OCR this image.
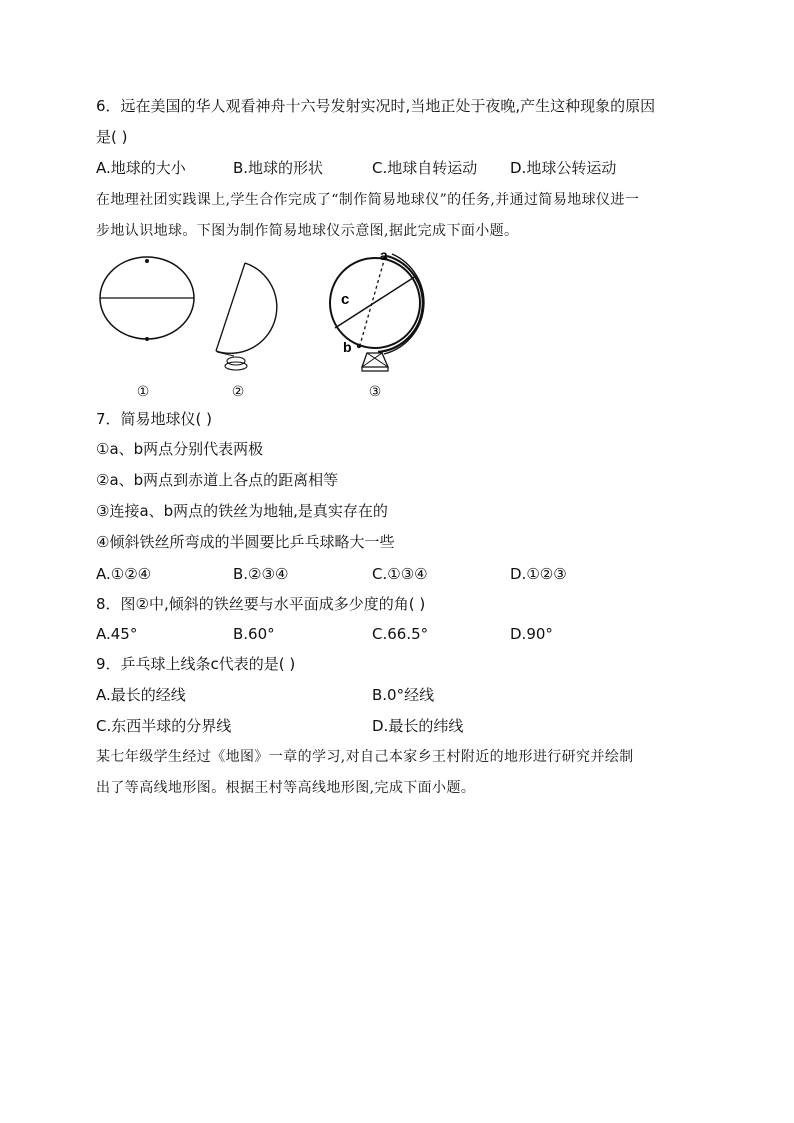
6．远在美国的华人观看神舟十六号发射实况时,当地正处于夜晚,产生这种现象的原因
是( )
A.地球的大小	B.地球的形状	C.地球自转运动 D.地球公转运动
在地理社团实践课上,学生合作完成了“制作简易地球仪”的任务,并通过简易地球仪进一
步地认识地球。下图为制作简易地球仪示意图,据此完成下面小题。
a
c
b
①	②	③
7．简易地球仪( )
①a、b两点分别代表两极
②a、b两点到赤道上各点的距离相等
③连接a、b两点的铁丝为地轴,是真实存在的
④倾斜铁丝所弯成的半圆要比乒乓球略大一些
A.①②④	B.②③④	C.①③④	D.①②③
8．图②中,倾斜的铁丝要与水平面成多少度的角( )
A.45°	B.60°	C.66.5°	D.90°
9．乒乓球上线条c代表的是( )
A.最长的经线	B.0°经线
C.东西半球的分界线	D.最长的纬线
某七年级学生经过《地图》一章的学习,对自己本家乡王村附近的地形进行研究并绘制
出了等高线地形图。根据王村等高线地形图,完成下面小题。
